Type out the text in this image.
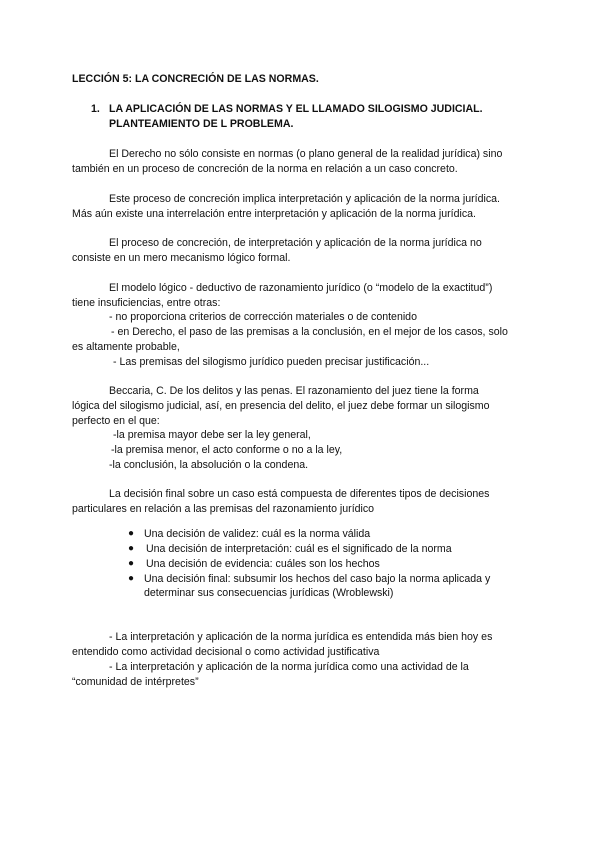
LECCIÓN 5: LA CONCRECIÓN DE LAS NORMAS.
1. LA APLICACIÓN DE LAS NORMAS Y EL LLAMADO SILOGISMO JUDICIAL.
PLANTEAMIENTO DE L PROBLEMA.
El Derecho no sólo consiste en normas (o plano general de la realidad jurídica) sino
también en un proceso de concreción de la norma en relación a un caso concreto.
Este proceso de concreción implica interpretación y aplicación de la norma jurídica.
Más aún existe una interrelación entre interpretación y aplicación de la norma jurídica.
El proceso de concreción, de interpretación y aplicación de la norma jurídica no
consiste en un mero mecanismo lógico formal.
El modelo lógico - deductivo de razonamiento jurídico (o “modelo de la exactitud”)
tiene insuficiencias, entre otras:
- no proporciona criterios de corrección materiales o de contenido
- en Derecho, el paso de las premisas a la conclusión, en el mejor de los casos, solo
es altamente probable,
- Las premisas del silogismo jurídico pueden precisar justificación...
Beccaria, C. De los delitos y las penas. El razonamiento del juez tiene la forma
lógica del silogismo judicial, así, en presencia del delito, el juez debe formar un silogismo
perfecto en el que:
-la premisa mayor debe ser la ley general,
-la premisa menor, el acto conforme o no a la ley,
-la conclusión, la absolución o la condena.
La decisión final sobre un caso está compuesta de diferentes tipos de decisiones
particulares en relación a las premisas del razonamiento jurídico
● Una decisión de validez: cuál es la norma válida
● Una decisión de interpretación: cuál es el significado de la norma
● Una decisión de evidencia: cuáles son los hechos
● Una decisión final: subsumir los hechos del caso bajo la norma aplicada y
determinar sus consecuencias jurídicas (Wroblewski)
- La interpretación y aplicación de la norma jurídica es entendida más bien hoy es
entendido como actividad decisional o como actividad justificativa
- La interpretación y aplicación de la norma jurídica como una actividad de la
“comunidad de intérpretes”
